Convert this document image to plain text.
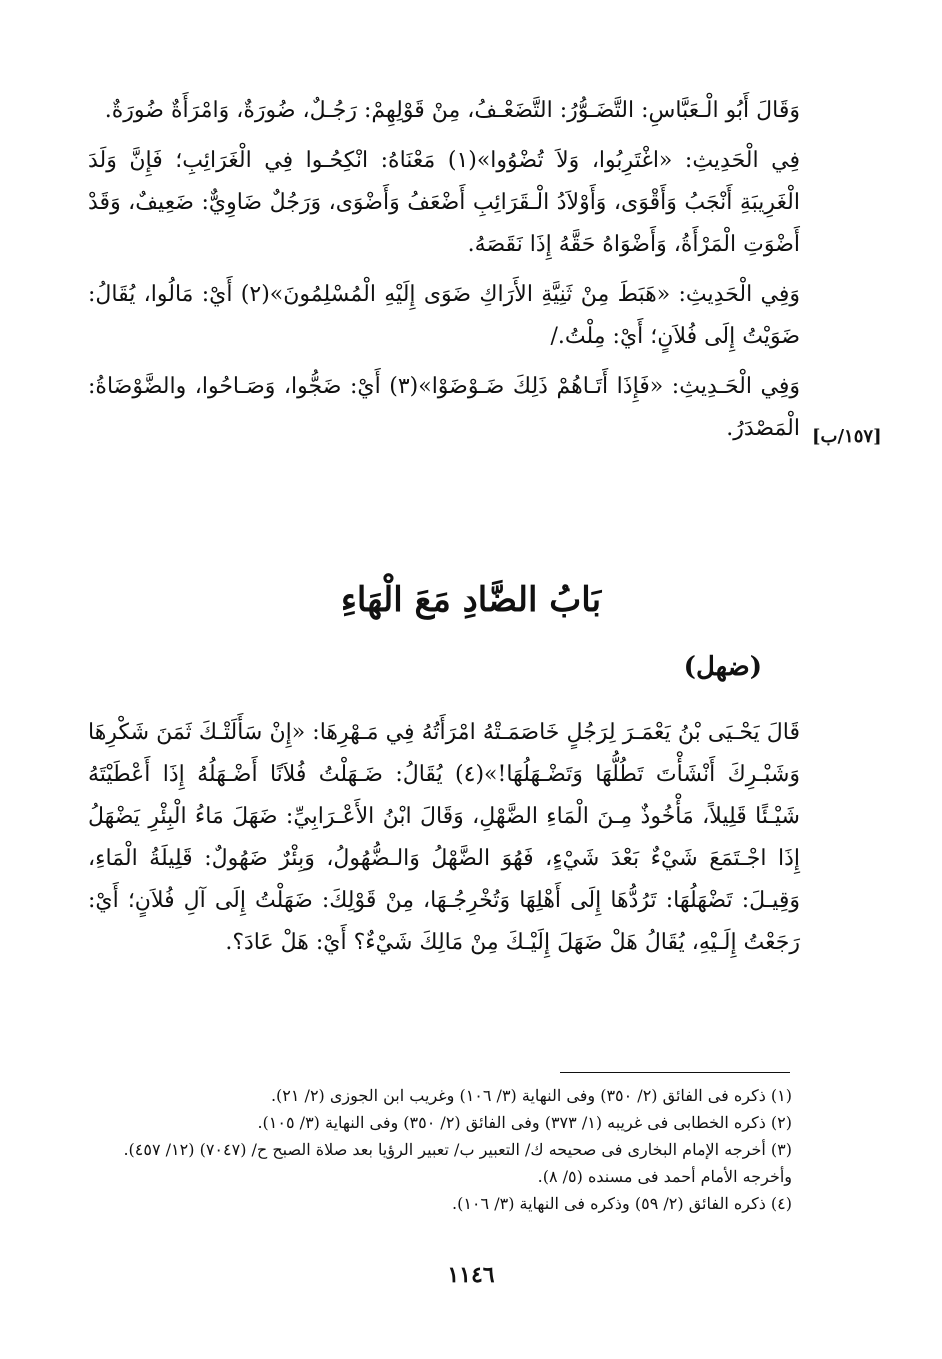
وَقَالَ أَبُو الْـعَبَّاسِ: التَّضَـوُّرُ: التَّضَعْـفُ، مِنْ قَوْلِهِمْ: رَجُـلٌ، ضُورَةٌ، وَامْرَأَةٌ ضُورَةٌ.

فِي الْحَدِيثِ: «اغْتَرِبُوا، وَلاَ تُضْوُوا»(١) مَعْنَاهُ: انْكِحُـوا فِي الْغَرَائِبِ؛ فَإِنَّ وَلَدَ الْغَرِيبَةِ أَنْجَبُ وَأَقْوَى، وَأَوْلاَدُ الْـقَرَائِبِ أَضْعَفُ وَأَضْوَى، وَرَجُلٌ ضَاوِيٌّ: ضَعِيفٌ، وَقَدْ أَضْوَتِ الْمَرْأَةُ، وَأَضْوَاهُ حَقَّهُ إِذَا نَقَصَهُ.

وَفِي الْحَدِيثِ: «هَبَطَ مِنْ ثَنِيَّةِ الأَرَاكِ ضَوَى إِلَيْهِ الْمُسْلِمُونَ»(٢) أَيْ: مَالُوا، يُقَالُ: ضَوَيْتُ إِلَى فُلاَنٍ؛ أَيْ: مِلْتُ./

وَفِي الْحَـدِيثِ: «فَإِذَا أَتَـاهُمْ ذَلِكَ ضَـوْضَوْا»(٣) أَيْ: ضَجُّوا، وَصَـاحُوا، والضَّوْضَاةُ: الْمَصْدَرُ. [١٥٧/ب]
بَابُ الضَّادِ مَعَ الْهَاءِ
(ضهل)

قَالَ يَحْـيَى بْنُ يَعْمَـرَ لِرَجُلٍ خَاصَمَـتْهُ امْرَأَتُهُ فِي مَـهْرِهَا: «إِنْ سَأَلَتْـكَ ثَمَنَ شَكْرِهَا وَشَبْـرِكَ أَنْشَأْتَ تَطُلُّهَا وَتَضْـهَلُهَا!»(٤) يُقَالُ: ضَـهَلْتُ فُلاَنًا أَضْـهَلُهُ إِذَا أَعْطَيْتَهُ شَيْـئًا قَلِيلاً، مَأْخُوذٌ مِـنَ الْمَاءِ الضَّهْلِ، وَقَالَ ابْنُ الأَعْـرَابِيِّ: ضَهَلَ مَاءُ الْبِئْرِ يَضْهَلُ إِذَا اجْـتَمَعَ شَيْءٌ بَعْدَ شَيْءٍ، فَهُوَ الضَّهْلُ وَالـضُّهُولُ، وَبِئْرٌ ضَهُولٌ: قَلِيلَةُ الْمَاءِ، وَقِيـلَ: تَضْهَلُهَا: تَرُدُّهَا إِلَى أَهْلِهَا وَتُخْرِجُـهَا، مِنْ قَوْلِكَ: ضَهَلْتُ إِلَى آلِ فُلاَنٍ؛ أَيْ: رَجَعْتُ إِلَـيْهِ، يُقَالُ هَلْ ضَهَلَ إِلَيْـكَ مِنْ مَالِكَ شَيْءٌ؟ أَيْ: هَلْ عَادَ؟.

(١) ذكره فى الفائق (٢/ ٣٥٠) وفى النهاية (٣/ ١٠٦) وغريب ابن الجوزى (٢/ ٢١).

(٢) ذكره الخطابى فى غريبه (١/ ٣٧٣) وفى الفائق (٢/ ٣٥٠) وفى النهاية (٣/ ١٠٥).

(٣) أخرجه الإمام البخارى فى صحيحه ك/ التعبير ب/ تعبير الرؤيا بعد صلاة الصبح ح/ (٧٠٤٧) (١٢/ ٤٥٧). وأخرجه الأمام أحمد فى مسنده (٥/ ٨).

(٤) ذكره الفائق (٢/ ٥٩) وذكره فى النهاية (٣/ ١٠٦).

١١٤٦
